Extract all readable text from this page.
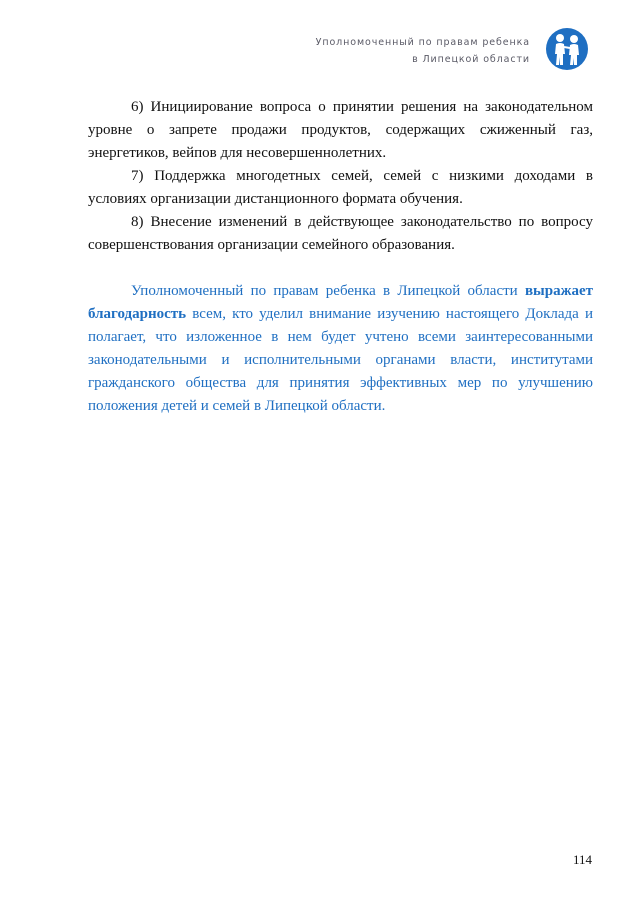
Уполномоченный по правам ребенка
в Липецкой области

6) Инициирование вопроса о принятии решения на законодательном уровне о запрете продажи продуктов, содержащих сжиженный газ, энергетиков, вейпов для несовершеннолетних.

7) Поддержка многодетных семей, семей с низкими доходами в условиях организации дистанционного формата обучения.

8) Внесение изменений в действующее законодательство по вопросу совершенствования организации семейного образования.

Уполномоченный по правам ребенка в Липецкой области выражает благодарность всем, кто уделил внимание изучению настоящего Доклада и полагает, что изложенное в нем будет учтено всеми заинтересованными законодательными и исполнительными органами власти, институтами гражданского общества для принятия эффективных мер по улучшению положения детей и семей в Липецкой области.

114
